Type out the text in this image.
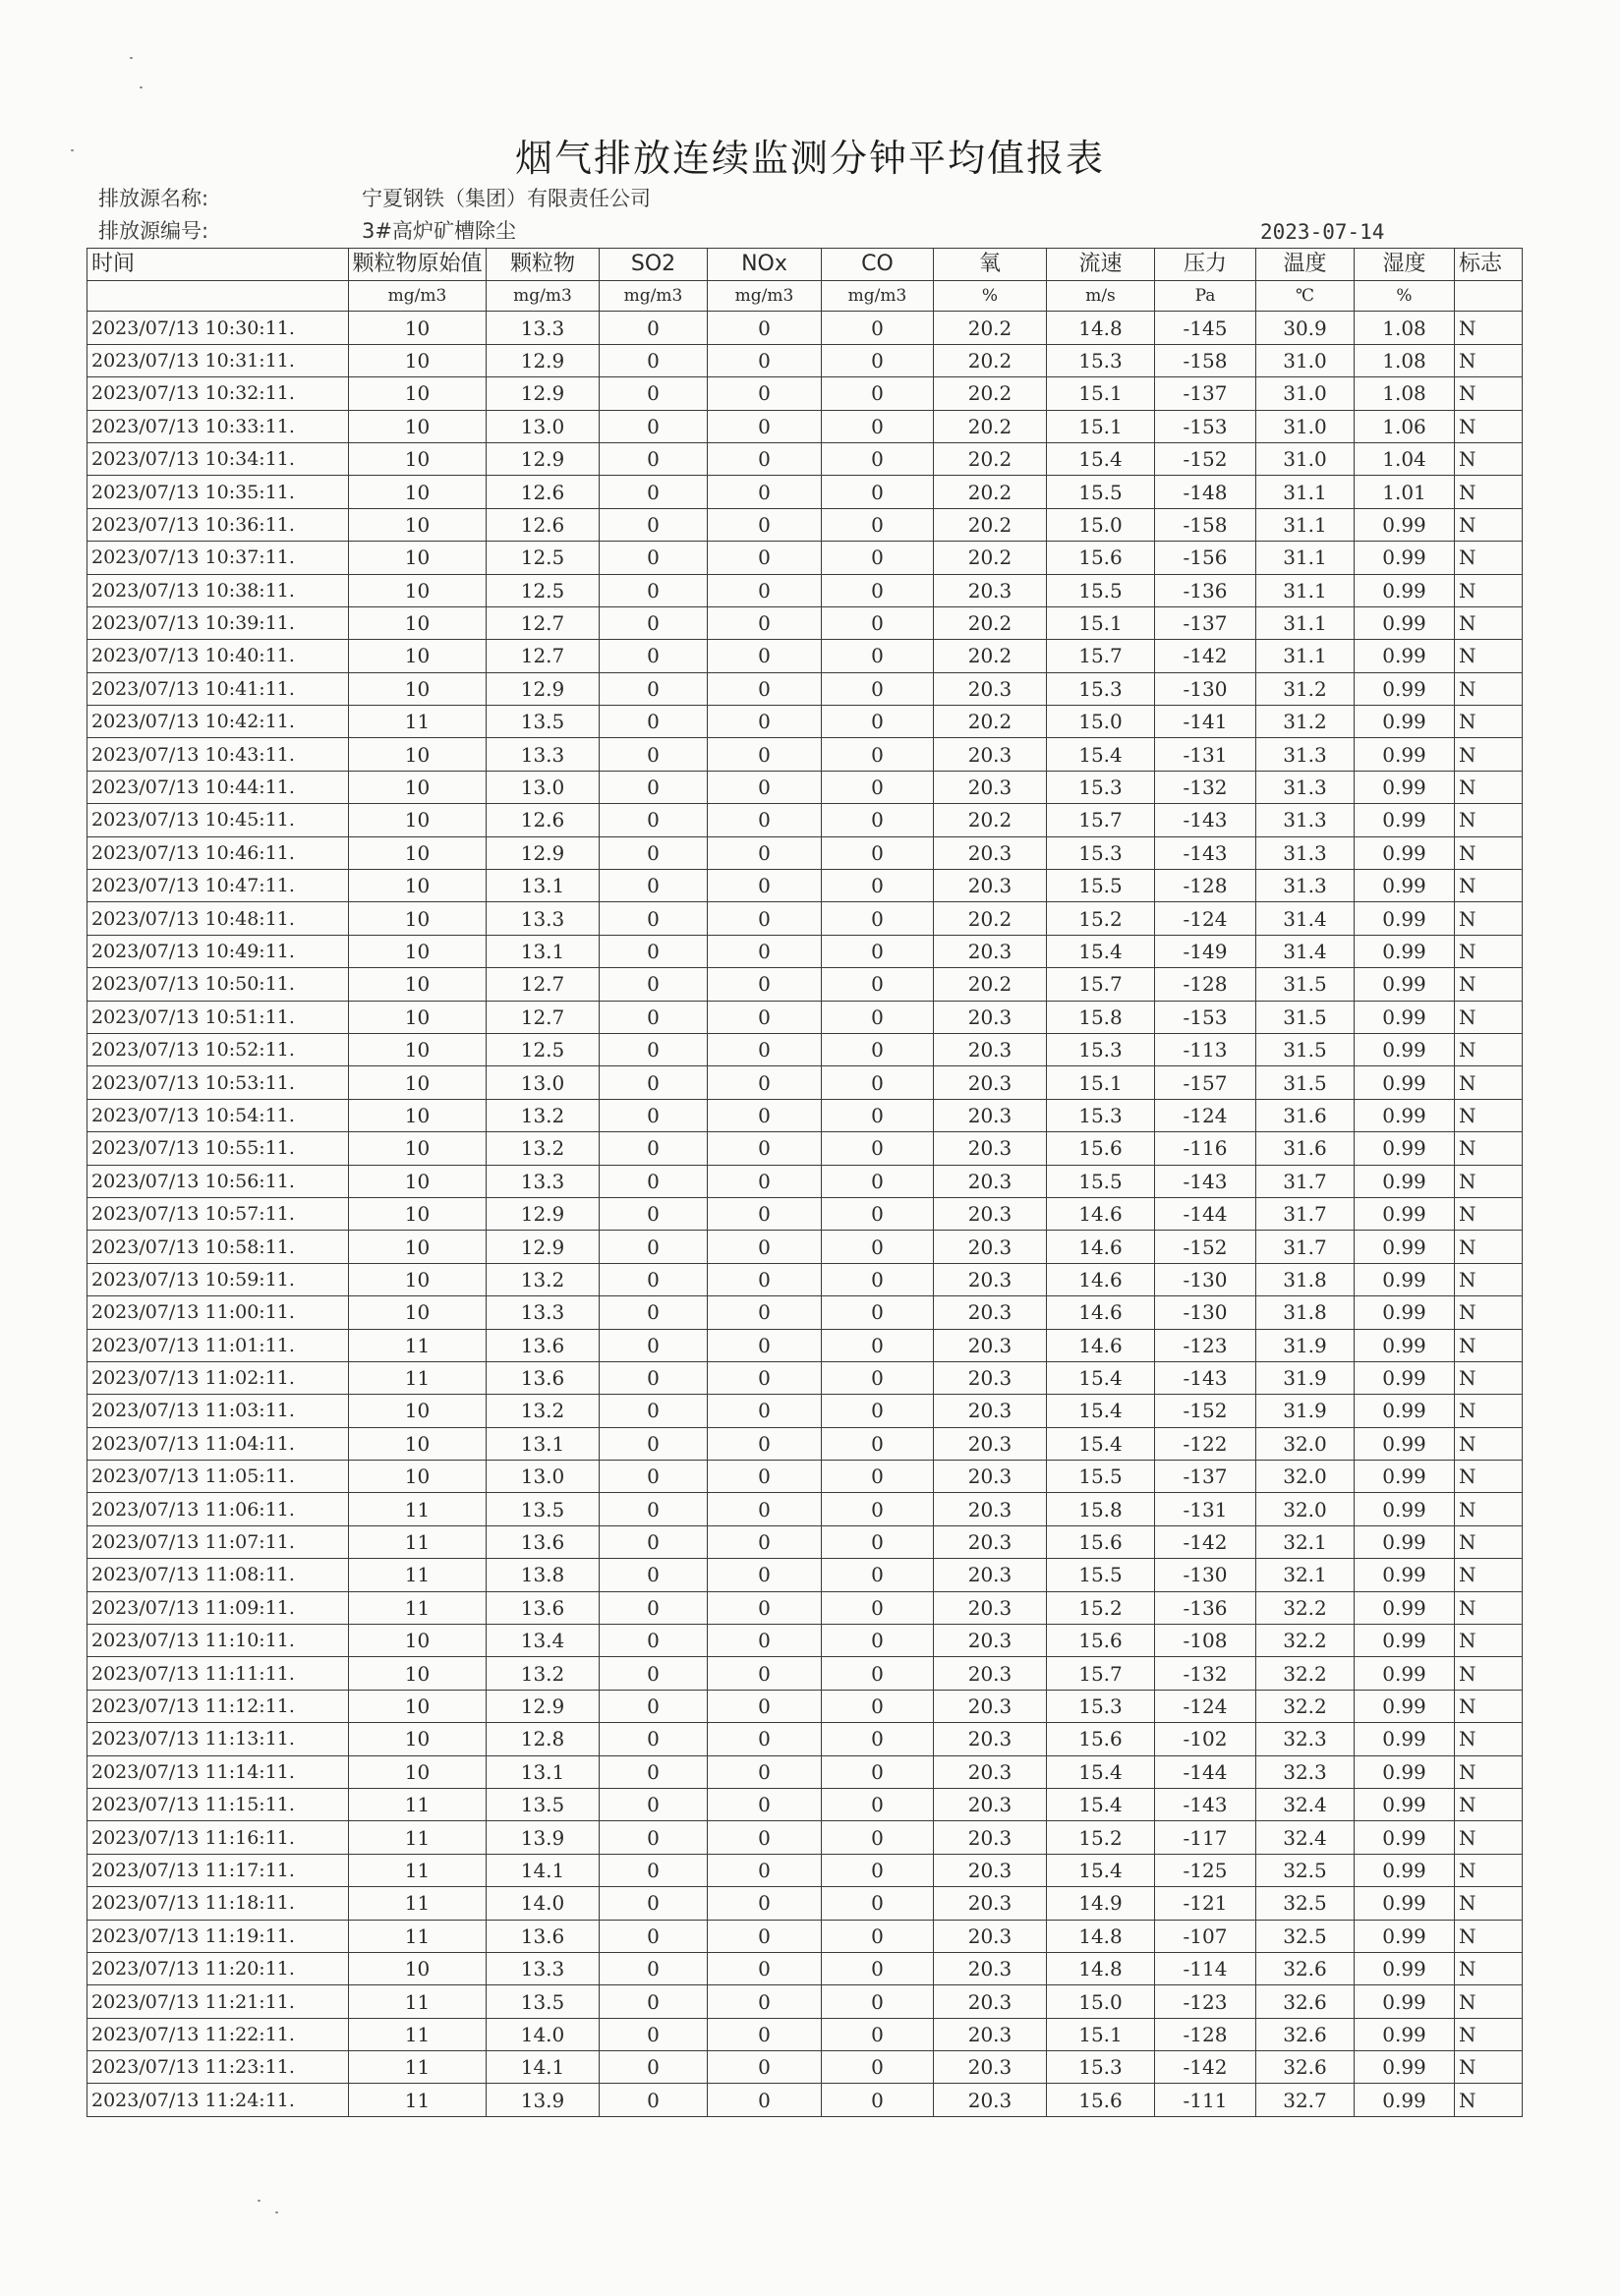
烟气排放连续监测分钟平均值报表
排放源名称:	宁夏钢铁（集团）有限责任公司
排放源编号:	3#高炉矿槽除尘	2023-07-14
时间	颗粒物原始值	颗粒物	SO2	NOx	CO	氧	流速	压力	温度	湿度	标志
	mg/m3	mg/m3	mg/m3	mg/m3	mg/m3	%	m/s	Pa	℃	%	
2023/07/13 10:30:11.	10	13.3	0	0	0	20.2	14.8	-145	30.9	1.08	N
2023/07/13 10:31:11.	10	12.9	0	0	0	20.2	15.3	-158	31.0	1.08	N
2023/07/13 10:32:11.	10	12.9	0	0	0	20.2	15.1	-137	31.0	1.08	N
2023/07/13 10:33:11.	10	13.0	0	0	0	20.2	15.1	-153	31.0	1.06	N
2023/07/13 10:34:11.	10	12.9	0	0	0	20.2	15.4	-152	31.0	1.04	N
2023/07/13 10:35:11.	10	12.6	0	0	0	20.2	15.5	-148	31.1	1.01	N
2023/07/13 10:36:11.	10	12.6	0	0	0	20.2	15.0	-158	31.1	0.99	N
2023/07/13 10:37:11.	10	12.5	0	0	0	20.2	15.6	-156	31.1	0.99	N
2023/07/13 10:38:11.	10	12.5	0	0	0	20.3	15.5	-136	31.1	0.99	N
2023/07/13 10:39:11.	10	12.7	0	0	0	20.2	15.1	-137	31.1	0.99	N
2023/07/13 10:40:11.	10	12.7	0	0	0	20.2	15.7	-142	31.1	0.99	N
2023/07/13 10:41:11.	10	12.9	0	0	0	20.3	15.3	-130	31.2	0.99	N
2023/07/13 10:42:11.	11	13.5	0	0	0	20.2	15.0	-141	31.2	0.99	N
2023/07/13 10:43:11.	10	13.3	0	0	0	20.3	15.4	-131	31.3	0.99	N
2023/07/13 10:44:11.	10	13.0	0	0	0	20.3	15.3	-132	31.3	0.99	N
2023/07/13 10:45:11.	10	12.6	0	0	0	20.2	15.7	-143	31.3	0.99	N
2023/07/13 10:46:11.	10	12.9	0	0	0	20.3	15.3	-143	31.3	0.99	N
2023/07/13 10:47:11.	10	13.1	0	0	0	20.3	15.5	-128	31.3	0.99	N
2023/07/13 10:48:11.	10	13.3	0	0	0	20.2	15.2	-124	31.4	0.99	N
2023/07/13 10:49:11.	10	13.1	0	0	0	20.3	15.4	-149	31.4	0.99	N
2023/07/13 10:50:11.	10	12.7	0	0	0	20.2	15.7	-128	31.5	0.99	N
2023/07/13 10:51:11.	10	12.7	0	0	0	20.3	15.8	-153	31.5	0.99	N
2023/07/13 10:52:11.	10	12.5	0	0	0	20.3	15.3	-113	31.5	0.99	N
2023/07/13 10:53:11.	10	13.0	0	0	0	20.3	15.1	-157	31.5	0.99	N
2023/07/13 10:54:11.	10	13.2	0	0	0	20.3	15.3	-124	31.6	0.99	N
2023/07/13 10:55:11.	10	13.2	0	0	0	20.3	15.6	-116	31.6	0.99	N
2023/07/13 10:56:11.	10	13.3	0	0	0	20.3	15.5	-143	31.7	0.99	N
2023/07/13 10:57:11.	10	12.9	0	0	0	20.3	14.6	-144	31.7	0.99	N
2023/07/13 10:58:11.	10	12.9	0	0	0	20.3	14.6	-152	31.7	0.99	N
2023/07/13 10:59:11.	10	13.2	0	0	0	20.3	14.6	-130	31.8	0.99	N
2023/07/13 11:00:11.	10	13.3	0	0	0	20.3	14.6	-130	31.8	0.99	N
2023/07/13 11:01:11.	11	13.6	0	0	0	20.3	14.6	-123	31.9	0.99	N
2023/07/13 11:02:11.	11	13.6	0	0	0	20.3	15.4	-143	31.9	0.99	N
2023/07/13 11:03:11.	10	13.2	0	0	0	20.3	15.4	-152	31.9	0.99	N
2023/07/13 11:04:11.	10	13.1	0	0	0	20.3	15.4	-122	32.0	0.99	N
2023/07/13 11:05:11.	10	13.0	0	0	0	20.3	15.5	-137	32.0	0.99	N
2023/07/13 11:06:11.	11	13.5	0	0	0	20.3	15.8	-131	32.0	0.99	N
2023/07/13 11:07:11.	11	13.6	0	0	0	20.3	15.6	-142	32.1	0.99	N
2023/07/13 11:08:11.	11	13.8	0	0	0	20.3	15.5	-130	32.1	0.99	N
2023/07/13 11:09:11.	11	13.6	0	0	0	20.3	15.2	-136	32.2	0.99	N
2023/07/13 11:10:11.	10	13.4	0	0	0	20.3	15.6	-108	32.2	0.99	N
2023/07/13 11:11:11.	10	13.2	0	0	0	20.3	15.7	-132	32.2	0.99	N
2023/07/13 11:12:11.	10	12.9	0	0	0	20.3	15.3	-124	32.2	0.99	N
2023/07/13 11:13:11.	10	12.8	0	0	0	20.3	15.6	-102	32.3	0.99	N
2023/07/13 11:14:11.	10	13.1	0	0	0	20.3	15.4	-144	32.3	0.99	N
2023/07/13 11:15:11.	11	13.5	0	0	0	20.3	15.4	-143	32.4	0.99	N
2023/07/13 11:16:11.	11	13.9	0	0	0	20.3	15.2	-117	32.4	0.99	N
2023/07/13 11:17:11.	11	14.1	0	0	0	20.3	15.4	-125	32.5	0.99	N
2023/07/13 11:18:11.	11	14.0	0	0	0	20.3	14.9	-121	32.5	0.99	N
2023/07/13 11:19:11.	11	13.6	0	0	0	20.3	14.8	-107	32.5	0.99	N
2023/07/13 11:20:11.	10	13.3	0	0	0	20.3	14.8	-114	32.6	0.99	N
2023/07/13 11:21:11.	11	13.5	0	0	0	20.3	15.0	-123	32.6	0.99	N
2023/07/13 11:22:11.	11	14.0	0	0	0	20.3	15.1	-128	32.6	0.99	N
2023/07/13 11:23:11.	11	14.1	0	0	0	20.3	15.3	-142	32.6	0.99	N
2023/07/13 11:24:11.	11	13.9	0	0	0	20.3	15.6	-111	32.7	0.99	N
